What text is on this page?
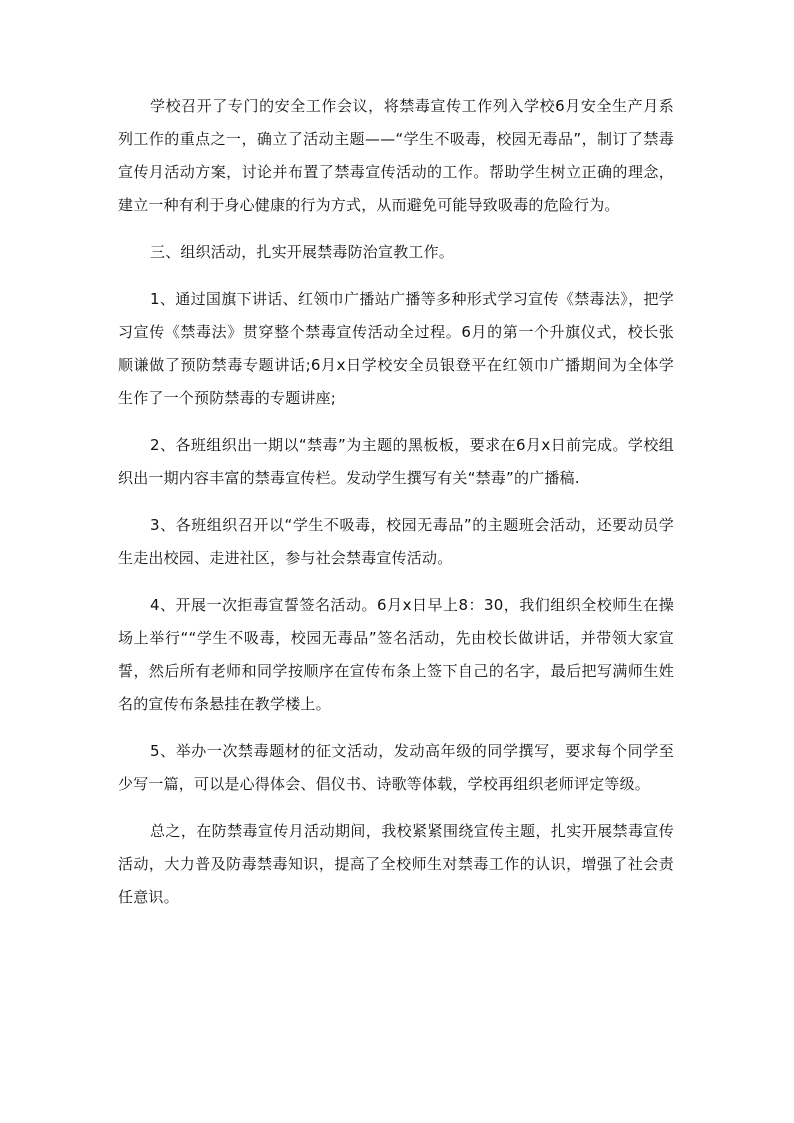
学校召开了专门的安全工作会议，将禁毒宣传工作列入学校6月安全生产月系列工作的重点之一，确立了活动主题——“学生不吸毒，校园无毒品”，制订了禁毒宣传月活动方案，讨论并布置了禁毒宣传活动的工作。帮助学生树立正确的理念，建立一种有利于身心健康的行为方式，从而避免可能导致吸毒的危险行为。

三、组织活动，扎实开展禁毒防治宣教工作。

1、通过国旗下讲话、红领巾广播站广播等多种形式学习宣传《禁毒法》，把学习宣传《禁毒法》贯穿整个禁毒宣传活动全过程。6月的第一个升旗仪式，校长张顺谦做了预防禁毒专题讲话;6月x日学校安全员银登平在红领巾广播期间为全体学生作了一个预防禁毒的专题讲座;

2、各班组织出一期以“禁毒”为主题的黑板板，要求在6月x日前完成。学校组织出一期内容丰富的禁毒宣传栏。发动学生撰写有关“禁毒”的广播稿.

3、各班组织召开以“学生不吸毒，校园无毒品”的主题班会活动，还要动员学生走出校园、走进社区，参与社会禁毒宣传活动。

4、开展一次拒毒宣誓签名活动。6月x日早上8：30，我们组织全校师生在操场上举行““学生不吸毒，校园无毒品”签名活动，先由校长做讲话，并带领大家宣誓，然后所有老师和同学按顺序在宣传布条上签下自己的名字，最后把写满师生姓名的宣传布条悬挂在教学楼上。

5、举办一次禁毒题材的征文活动，发动高年级的同学撰写，要求每个同学至少写一篇，可以是心得体会、倡仪书、诗歌等体载，学校再组织老师评定等级。

总之，在防禁毒宣传月活动期间，我校紧紧围绕宣传主题，扎实开展禁毒宣传活动，大力普及防毒禁毒知识，提高了全校师生对禁毒工作的认识，增强了社会责任意识。
